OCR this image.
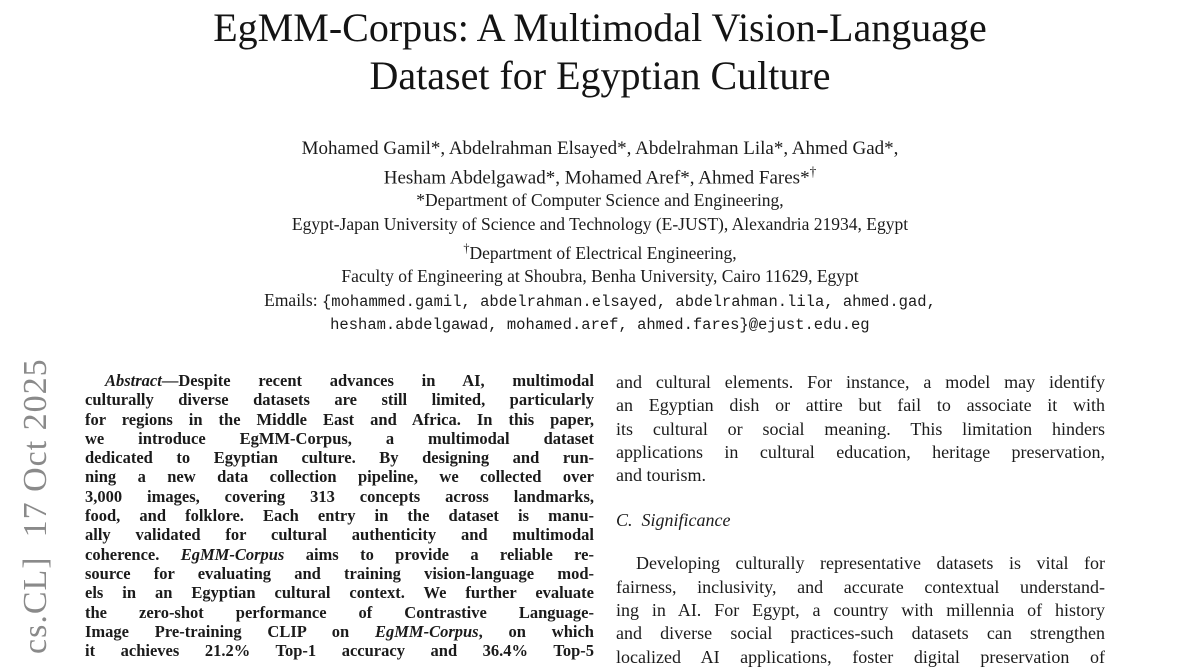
cs.CL]  17 Oct 2025
EgMM-Corpus: A Multimodal Vision-Language
Dataset for Egyptian Culture
Mohamed Gamil*, Abdelrahman Elsayed*, Abdelrahman Lila*, Ahmed Gad*,
Hesham Abdelgawad*, Mohamed Aref*, Ahmed Fares*†
*Department of Computer Science and Engineering,
Egypt-Japan University of Science and Technology (E-JUST), Alexandria 21934, Egypt
†Department of Electrical Engineering,
Faculty of Engineering at Shoubra, Benha University, Cairo 11629, Egypt
Emails: {mohammed.gamil, abdelrahman.elsayed, abdelrahman.lila, ahmed.gad,
hesham.abdelgawad, mohamed.aref, ahmed.fares}@ejust.edu.eg
Abstract—Despite recent advances in AI, multimodal
culturally diverse datasets are still limited, particularly
for regions in the Middle East and Africa. In this paper,
we introduce EgMM-Corpus, a multimodal dataset
dedicated to Egyptian culture. By designing and run-
ning a new data collection pipeline, we collected over
3,000 images, covering 313 concepts across landmarks,
food, and folklore. Each entry in the dataset is manu-
ally validated for cultural authenticity and multimodal
coherence. EgMM-Corpus aims to provide a reliable re-
source for evaluating and training vision-language mod-
els in an Egyptian cultural context. We further evaluate
the zero-shot performance of Contrastive Language-
Image Pre-training CLIP on EgMM-Corpus, on which
it achieves 21.2% Top-1 accuracy and 36.4% Top-5
and cultural elements. For instance, a model may identify
an Egyptian dish or attire but fail to associate it with
its cultural or social meaning. This limitation hinders
applications in cultural education, heritage preservation,
and tourism.
C.  Significance
Developing culturally representative datasets is vital for
fairness, inclusivity, and accurate contextual understand-
ing in AI. For Egypt, a country with millennia of history
and diverse social practices-such datasets can strengthen
localized AI applications, foster digital preservation of
